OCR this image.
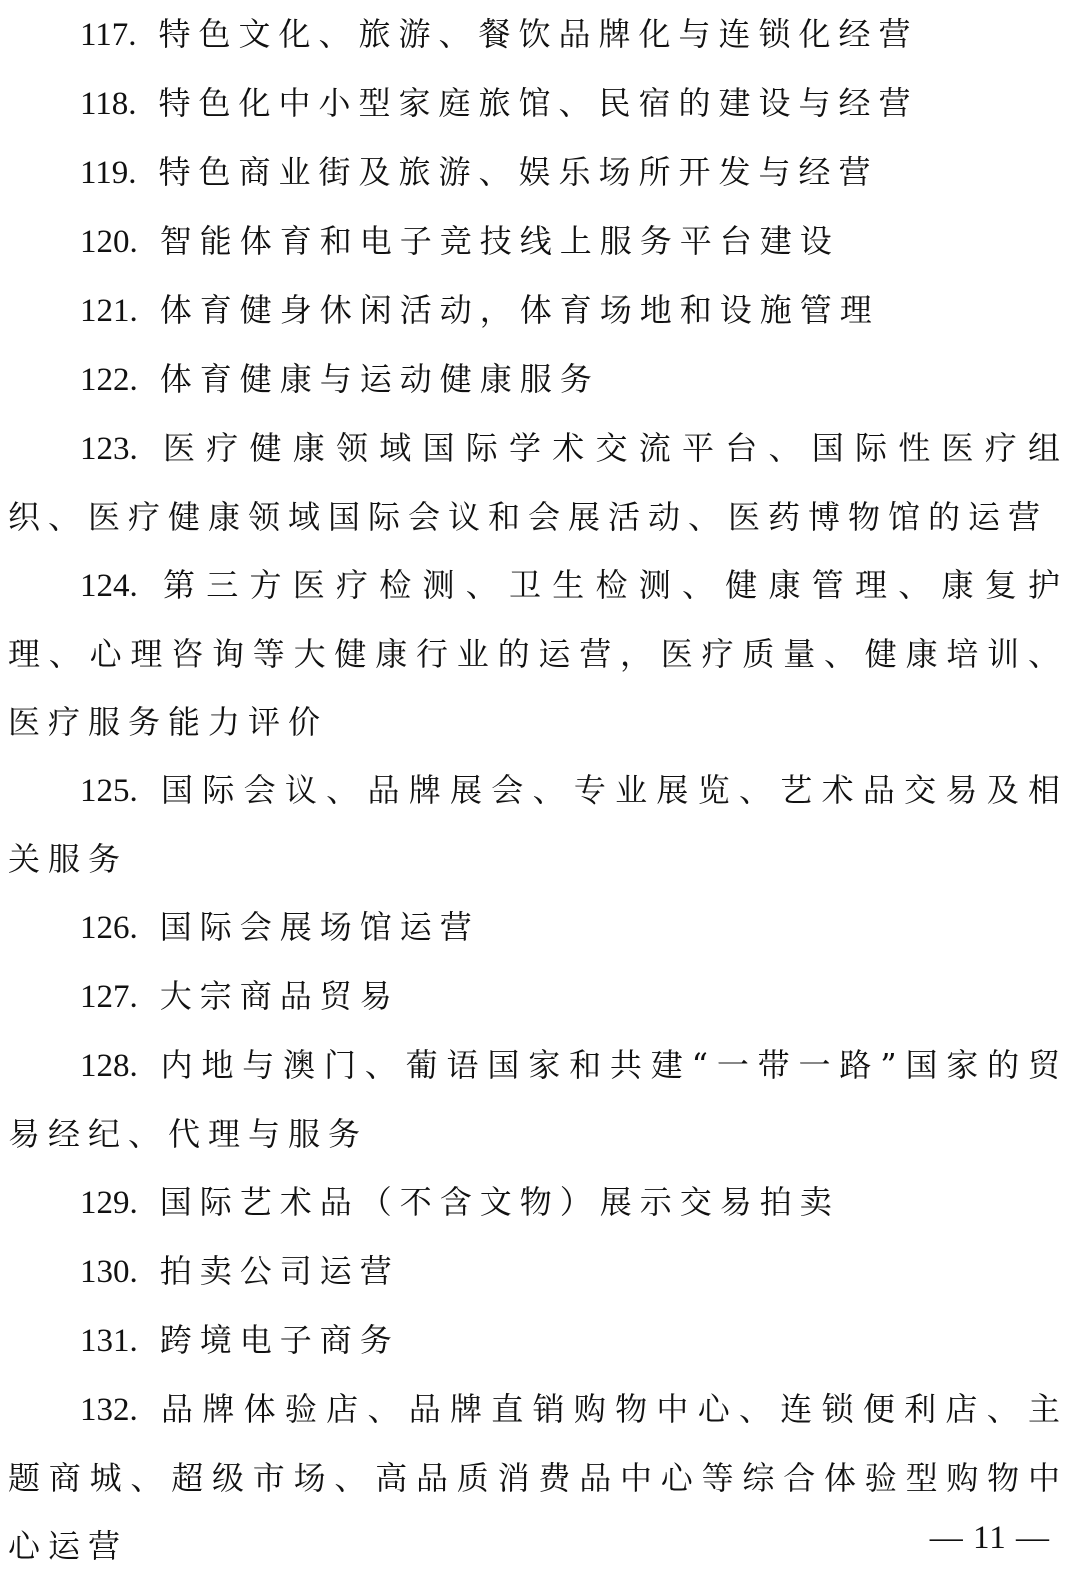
117. 特色文化、旅游、餐饮品牌化与连锁化经营

118. 特色化中小型家庭旅馆、民宿的建设与经营

119. 特色商业街及旅游、娱乐场所开发与经营

120. 智能体育和电子竞技线上服务平台建设

121. 体育健身休闲活动，体育场地和设施管理

122. 体育健康与运动健康服务

123. 医疗健康领域国际学术交流平台、国际性医疗组织、医疗健康领域国际会议和会展活动、医药博物馆的运营

124. 第三方医疗检测、卫生检测、健康管理、康复护理、心理咨询等大健康行业的运营，医疗质量、健康培训、医疗服务能力评价

125. 国际会议、品牌展会、专业展览、艺术品交易及相关服务

126. 国际会展场馆运营

127. 大宗商品贸易

128. 内地与澳门、葡语国家和共建“一带一路”国家的贸易经纪、代理与服务

129. 国际艺术品（不含文物）展示交易拍卖

130. 拍卖公司运营

131. 跨境电子商务

132. 品牌体验店、品牌直销购物中心、连锁便利店、主题商城、超级市场、高品质消费品中心等综合体验型购物中心运营	— 11 —
